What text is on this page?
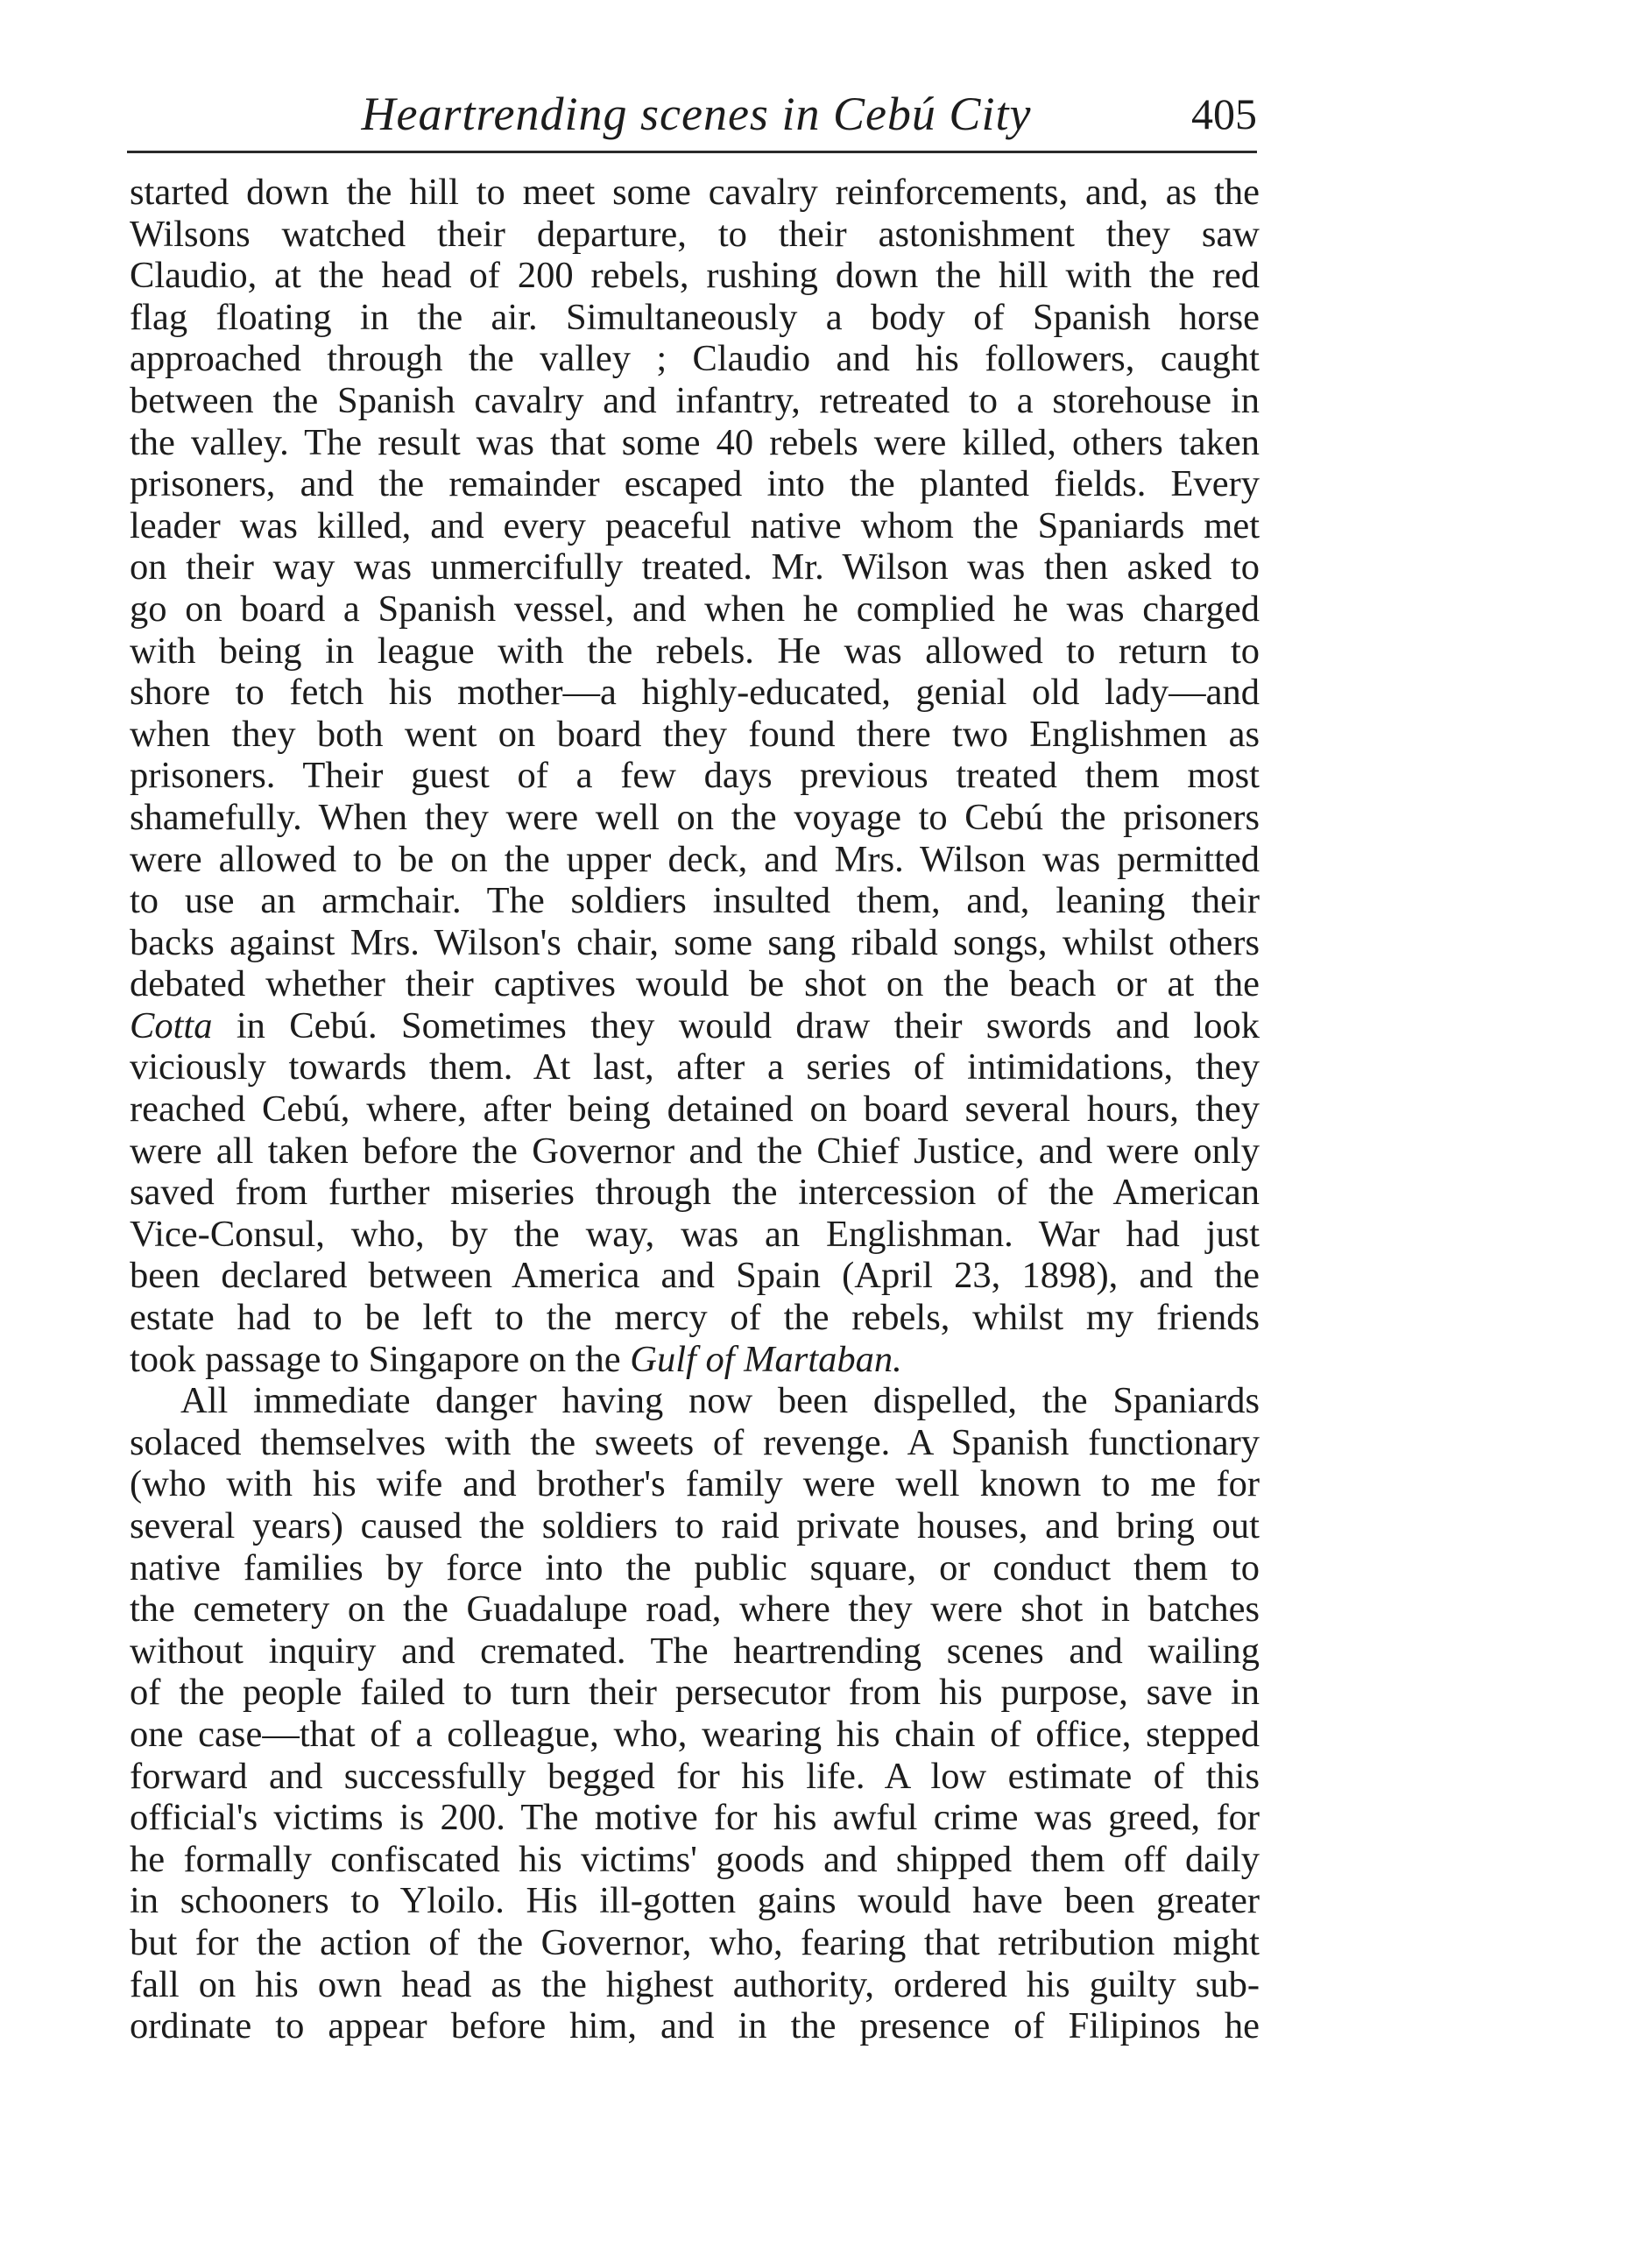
Heartrending scenes in Cebú City	405
started down the hill to meet some cavalry reinforcements, and, as the
Wilsons watched their departure, to their astonishment they saw
Claudio, at the head of 200 rebels, rushing down the hill with the red
flag floating in the air. Simultaneously a body of Spanish horse
approached through the valley ; Claudio and his followers, caught
between the Spanish cavalry and infantry, retreated to a storehouse in
the valley. The result was that some 40 rebels were killed, others taken
prisoners, and the remainder escaped into the planted fields. Every
leader was killed, and every peaceful native whom the Spaniards met
on their way was unmercifully treated. Mr. Wilson was then asked to
go on board a Spanish vessel, and when he complied he was charged
with being in league with the rebels. He was allowed to return to
shore to fetch his mother—a highly-educated, genial old lady—and
when they both went on board they found there two Englishmen as
prisoners. Their guest of a few days previous treated them most
shamefully. When they were well on the voyage to Cebú the prisoners
were allowed to be on the upper deck, and Mrs. Wilson was permitted
to use an armchair. The soldiers insulted them, and, leaning their
backs against Mrs. Wilson's chair, some sang ribald songs, whilst others
debated whether their captives would be shot on the beach or at the
Cotta in Cebú. Sometimes they would draw their swords and look
viciously towards them. At last, after a series of intimidations, they
reached Cebú, where, after being detained on board several hours, they
were all taken before the Governor and the Chief Justice, and were only
saved from further miseries through the intercession of the American
Vice-Consul, who, by the way, was an Englishman. War had just
been declared between America and Spain (April 23, 1898), and the
estate had to be left to the mercy of the rebels, whilst my friends
took passage to Singapore on the Gulf of Martaban.
All immediate danger having now been dispelled, the Spaniards
solaced themselves with the sweets of revenge. A Spanish functionary
(who with his wife and brother's family were well known to me for
several years) caused the soldiers to raid private houses, and bring out
native families by force into the public square, or conduct them to
the cemetery on the Guadalupe road, where they were shot in batches
without inquiry and cremated. The heartrending scenes and wailing
of the people failed to turn their persecutor from his purpose, save in
one case—that of a colleague, who, wearing his chain of office, stepped
forward and successfully begged for his life. A low estimate of this
official's victims is 200. The motive for his awful crime was greed, for
he formally confiscated his victims' goods and shipped them off daily
in schooners to Yloilo. His ill-gotten gains would have been greater
but for the action of the Governor, who, fearing that retribution might
fall on his own head as the highest authority, ordered his guilty sub-
ordinate to appear before him, and in the presence of Filipinos he
